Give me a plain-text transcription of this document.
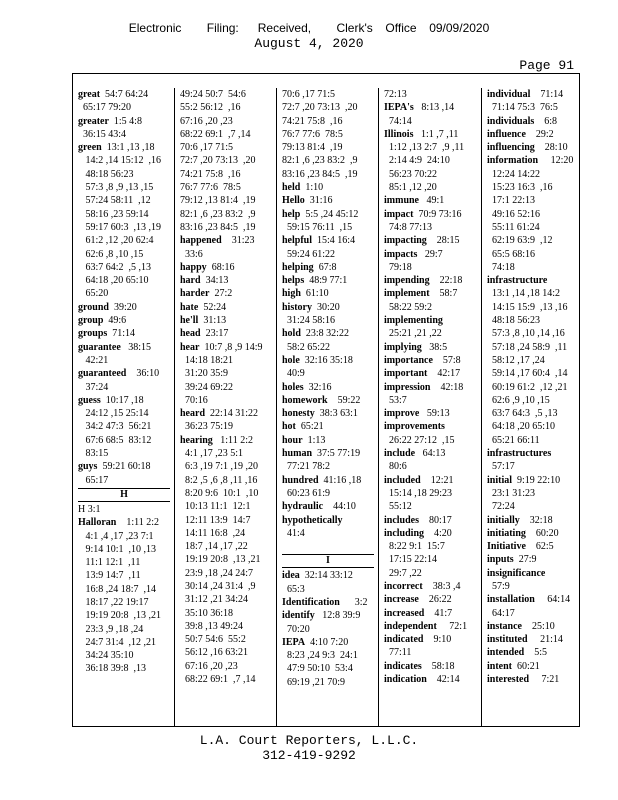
Electronic    Filing:   Received,    Clerk's  Office  09/09/2020
August 4, 2020
Page 91
great  54:7 64:24
65:17 79:20
greater  1:5 4:8
36:15 43:4
green  13:1 ,13 ,18
14:2 ,14 15:12  ,16
48:18 56:23
57:3 ,8 ,9 ,13 ,15
57:24 58:11  ,12
58:16 ,23 59:14
59:17 60:3  ,13 ,19
61:2 ,12 ,20 62:4
62:6 ,8 ,10 ,15
63:7 64:2  ,5 ,13
64:18 ,20 65:10
65:20
ground  39:20
group  49:6
groups  71:14
guarantee   38:15
42:21
guaranteed    36:10
37:24
guess  10:17 ,18
24:12 ,15 25:14
34:2 47:3  56:21
67:6 68:5  83:12
83:15
guys  59:21 60:18
65:17
H
H 3:1
Halloran    1:11 2:2
4:1 ,4 ,17 ,23 7:1
9:14 10:1  ,10 ,13
11:1 12:1  ,11
13:9 14:7  ,11
16:8 ,24 18:7  ,14
18:17 ,22 19:17
19:19 20:8  ,13 ,21
23:3 ,9 ,18 ,24
24:7 31:4  ,12 ,21
34:24 35:10
36:18 39:8  ,13
49:24 50:7  54:6
55:2 56:12  ,16
67:16 ,20 ,23
68:22 69:1  ,7 ,14
70:6 ,17 71:5
72:7 ,20 73:13  ,20
74:21 75:8  ,16
76:7 77:6  78:5
79:12 ,13 81:4  ,19
82:1 ,6 ,23 83:2  ,9
83:16 ,23 84:5  ,19
happened    31:23
33:6
happy  68:16
hard  34:13
harder  27:2
hate  52:24
he'll  31:13
head  23:17
hear  10:7 ,8 ,9 14:9
14:18 18:21
31:20 35:9
39:24 69:22
70:16
heard  22:14 31:22
36:23 75:19
hearing   1:11 2:2
4:1 ,17 ,23 5:1
6:3 ,19 7:1 ,19 ,20
8:2 ,5 ,6 ,8 ,11 ,16
8:20 9:6  10:1  ,10
10:13 11:1  12:1
12:11 13:9  14:7
14:11 16:8  ,24
18:7 ,14 ,17 ,22
19:19 20:8  ,13 ,21
23:9 ,18 ,24 24:7
30:14 ,24 31:4  ,9
31:12 ,21 34:24
35:10 36:18
39:8 ,13 49:24
50:7 54:6  55:2
56:12 ,16 63:21
67:16 ,20 ,23
68:22 69:1  ,7 ,14
70:6 ,17 71:5
72:7 ,20 73:13  ,20
74:21 75:8  ,16
76:7 77:6  78:5
79:13 81:4  ,19
82:1 ,6 ,23 83:2  ,9
83:16 ,23 84:5  ,19
held  1:10
Hello  31:16
help  5:5 ,24 45:12
59:15 76:11  ,15
helpful  15:4 16:4
59:24 61:22
helping  67:8
helps  48:9 77:1
high  61:10
history  30:20
31:24 58:16
hold  23:8 32:22
58:2 65:22
hole  32:16 35:18
40:9
holes  32:16
homework    59:22
honesty  38:3 63:1
hot  65:21
hour  1:13
human  37:5 77:19
77:21 78:2
hundred  41:16 ,18
60:23 61:9
hydraulic    44:10
hypothetically
41:4

I
idea  32:14 33:12
65:3
Identification      3:2
identify   12:8 39:9
70:20
IEPA  4:10 7:20
8:23 ,24 9:3  24:1
47:9 50:10  53:4
69:19 ,21 70:9
72:13
IEPA's   8:13 ,14
74:14
Illinois   1:1 ,7 ,11
1:12 ,13 2:7  ,9 ,11
2:14 4:9  24:10
56:23 70:22
85:1 ,12 ,20
immune   49:1
impact  70:9 73:16
74:8 77:13
impacting    28:15
impacts   29:7
79:18
impending    22:18
implement    58:7
58:22 59:2
implementing
25:21 ,21 ,22
implying   38:5
importance    57:8
important    42:17
impression    42:18
53:7
improve   59:13
improvements
26:22 27:12  ,15
include   64:13
80:6
included    12:21
15:14 ,18 29:23
55:12
includes    80:17
including    4:20
8:22 9:1  15:7
17:15 22:14
29:7 ,22
incorrect    38:3 ,4
increase    26:22
increased    41:7
independent     72:1
indicated    9:10
77:11
indicates    58:18
indication    42:14
individual    71:14
71:14 75:3  76:5
individuals    6:8
influence    29:2
influencing    28:10
information     12:20
12:24 14:22
15:23 16:3  ,16
17:1 22:13
49:16 52:16
55:11 61:24
62:19 63:9  ,12
65:5 68:16
74:18
infrastructure
13:1 ,14 ,18 14:2
14:15 15:9  ,13 ,16
48:18 56:23
57:3 ,8 ,10 ,14 ,16
57:18 ,24 58:9  ,11
58:12 ,17 ,24
59:14 ,17 60:4  ,14
60:19 61:2  ,12 ,21
62:6 ,9 ,10 ,15
63:7 64:3  ,5 ,13
64:18 ,20 65:10
65:21 66:11
infrastructures
57:17
initial  9:19 22:10
23:1 31:23
72:24
initially    32:18
initiating    60:20
Initiative    62:5
inputs  27:9
insignificance
57:9
installation     64:14
64:17
instance    25:10
instituted     21:14
intended    5:5
intent  60:21
interested     7:21
L.A. Court Reporters, L.L.C.
312-419-9292
